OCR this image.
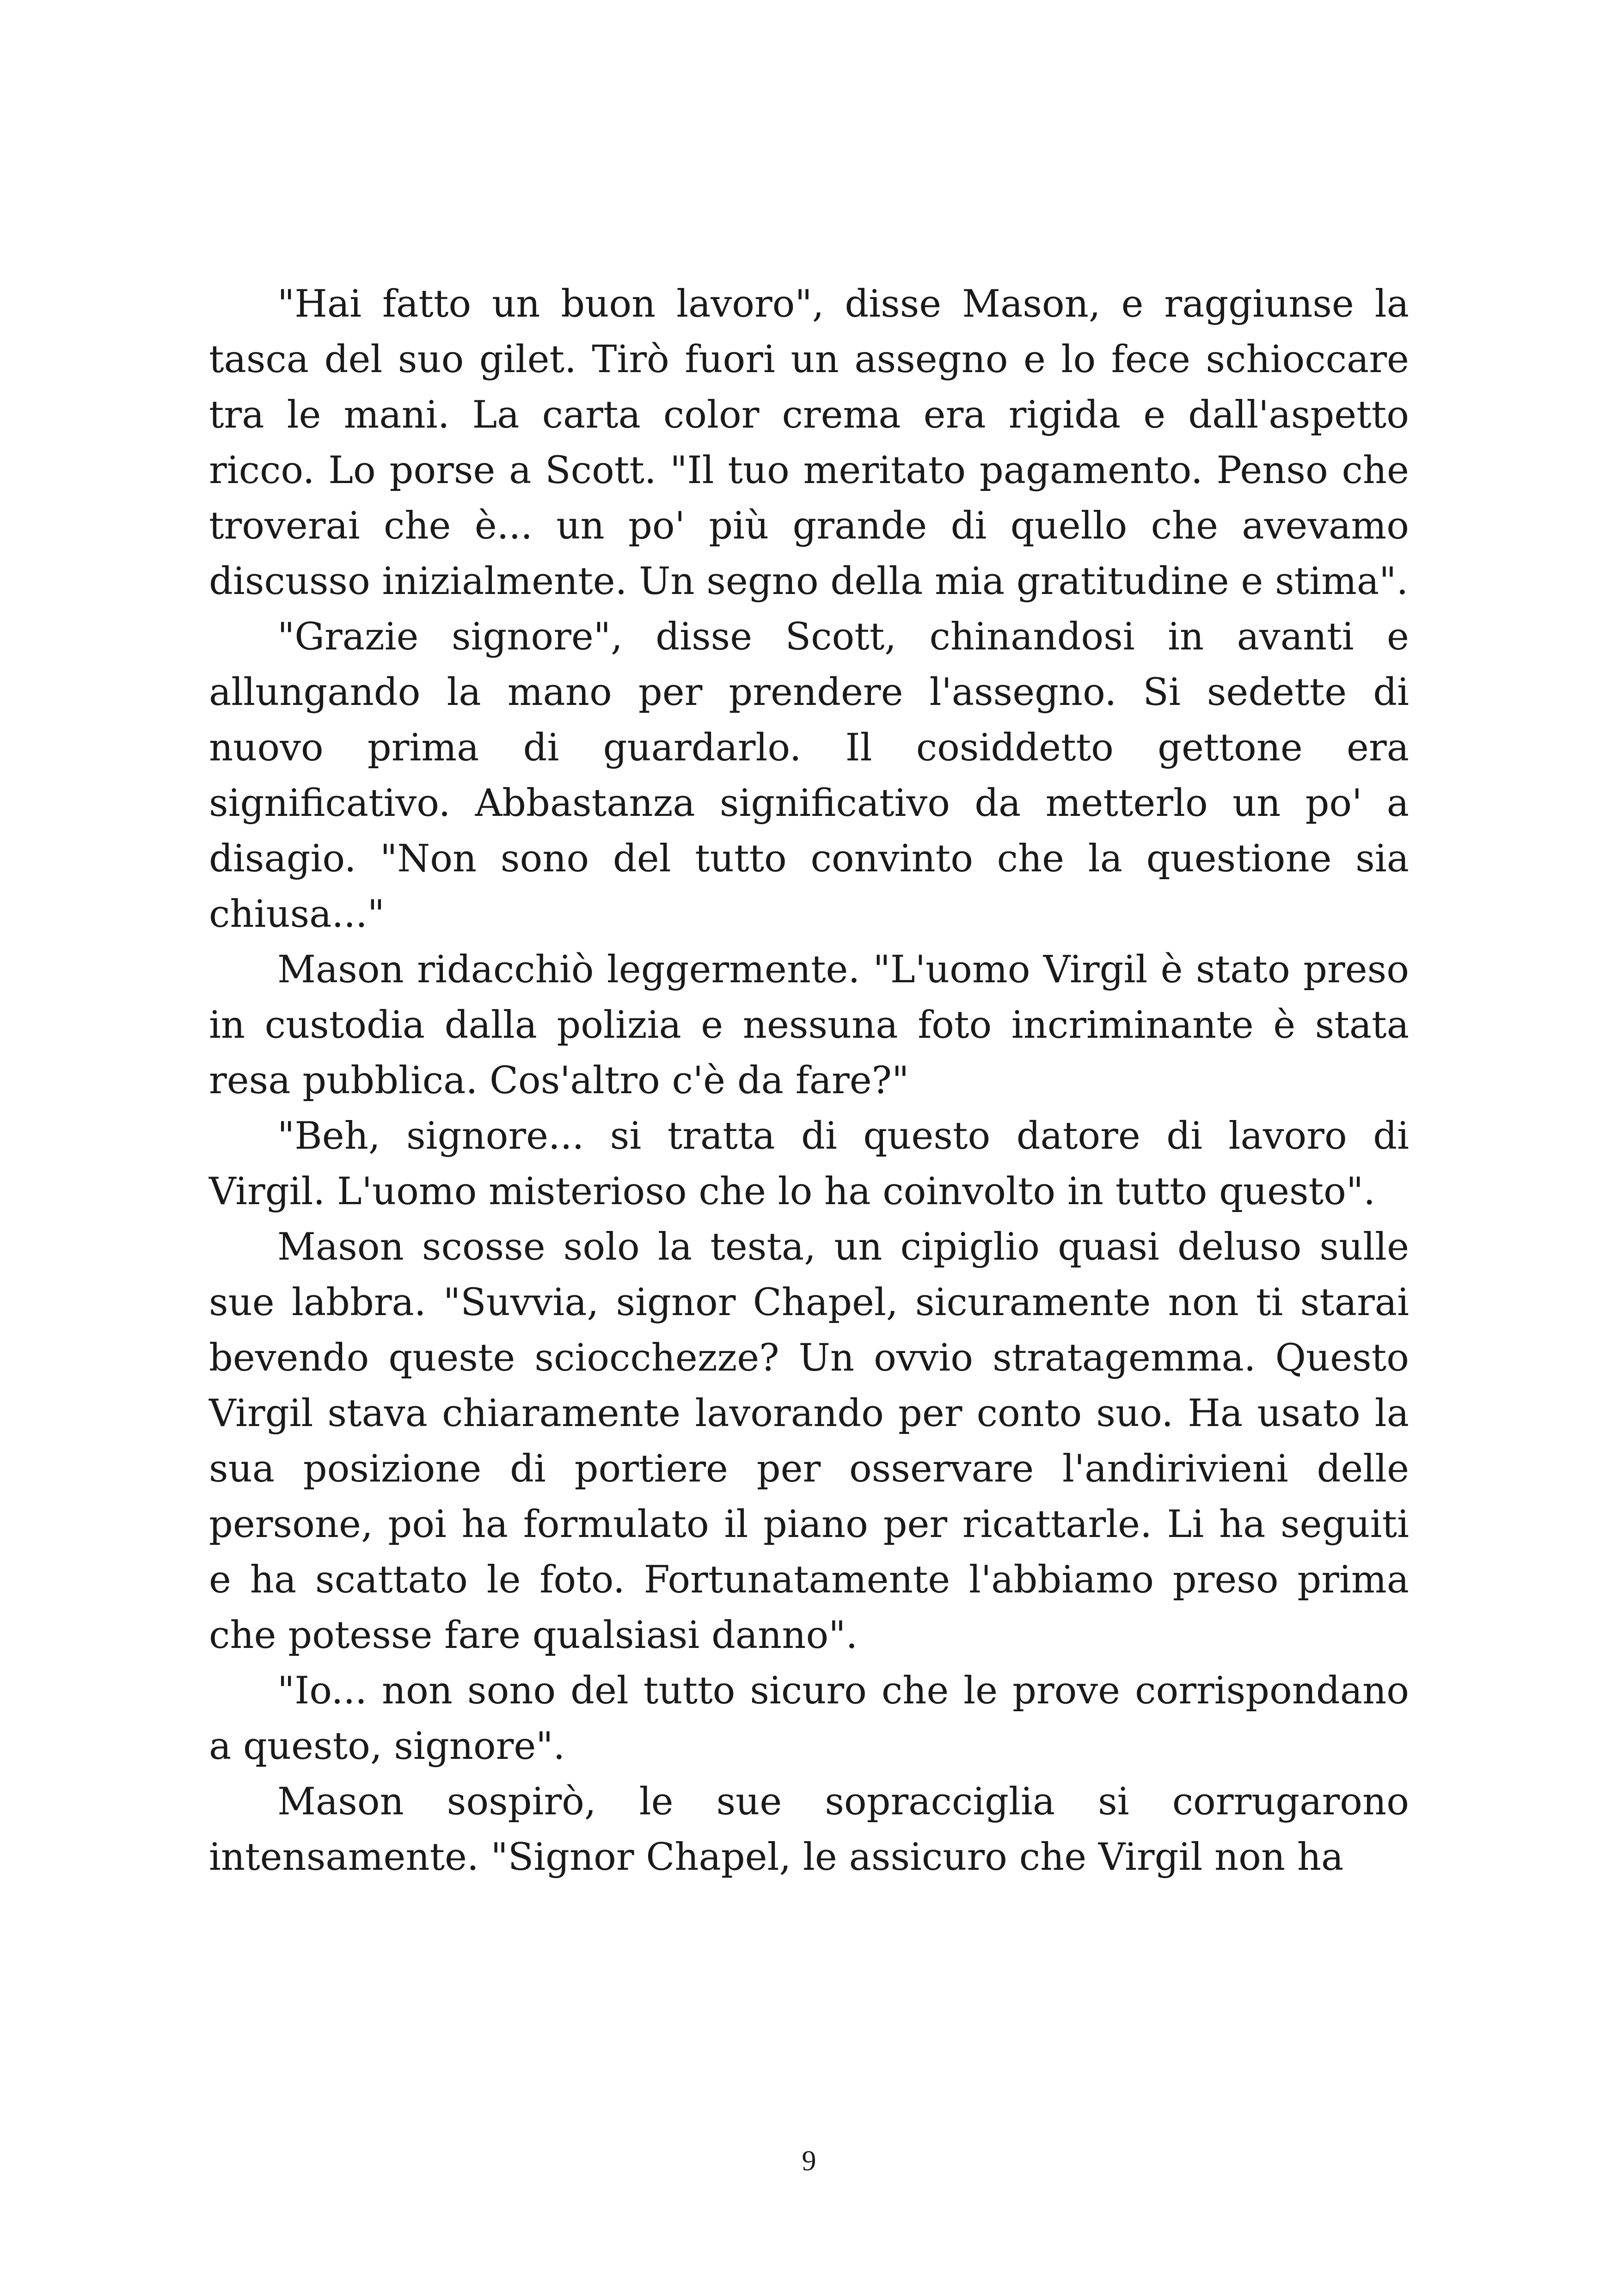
"Hai fatto un buon lavoro", disse Mason, e raggiunse la tasca del suo gilet. Tirò fuori un assegno e lo fece schioccare tra le mani. La carta color crema era rigida e dall'aspetto ricco. Lo porse a Scott. "Il tuo meritato pagamento. Penso che troverai che è... un po' più grande di quello che avevamo discusso inizialmente. Un segno della mia gratitudine e stima".

"Grazie signore", disse Scott, chinandosi in avanti e allungando la mano per prendere l'assegno. Si sedette di nuovo prima di guardarlo. Il cosiddetto gettone era significativo. Abbastanza significativo da metterlo un po' a disagio. "Non sono del tutto convinto che la questione sia chiusa..."

Mason ridacchiò leggermente. "L'uomo Virgil è stato preso in custodia dalla polizia e nessuna foto incriminante è stata resa pubblica. Cos'altro c'è da fare?"

"Beh, signore... si tratta di questo datore di lavoro di Virgil. L'uomo misterioso che lo ha coinvolto in tutto questo".

Mason scosse solo la testa, un cipiglio quasi deluso sulle sue labbra. "Suvvia, signor Chapel, sicuramente non ti starai bevendo queste sciocchezze? Un ovvio stratagemma. Questo Virgil stava chiaramente lavorando per conto suo. Ha usato la sua posizione di portiere per osservare l'andirivieni delle persone, poi ha formulato il piano per ricattarle. Li ha seguiti e ha scattato le foto. Fortunatamente l'abbiamo preso prima che potesse fare qualsiasi danno".

"Io... non sono del tutto sicuro che le prove corrispondano a questo, signore".

Mason sospirò, le sue sopracciglia si corrugarono intensamente. "Signor Chapel, le assicuro che Virgil non ha

9
